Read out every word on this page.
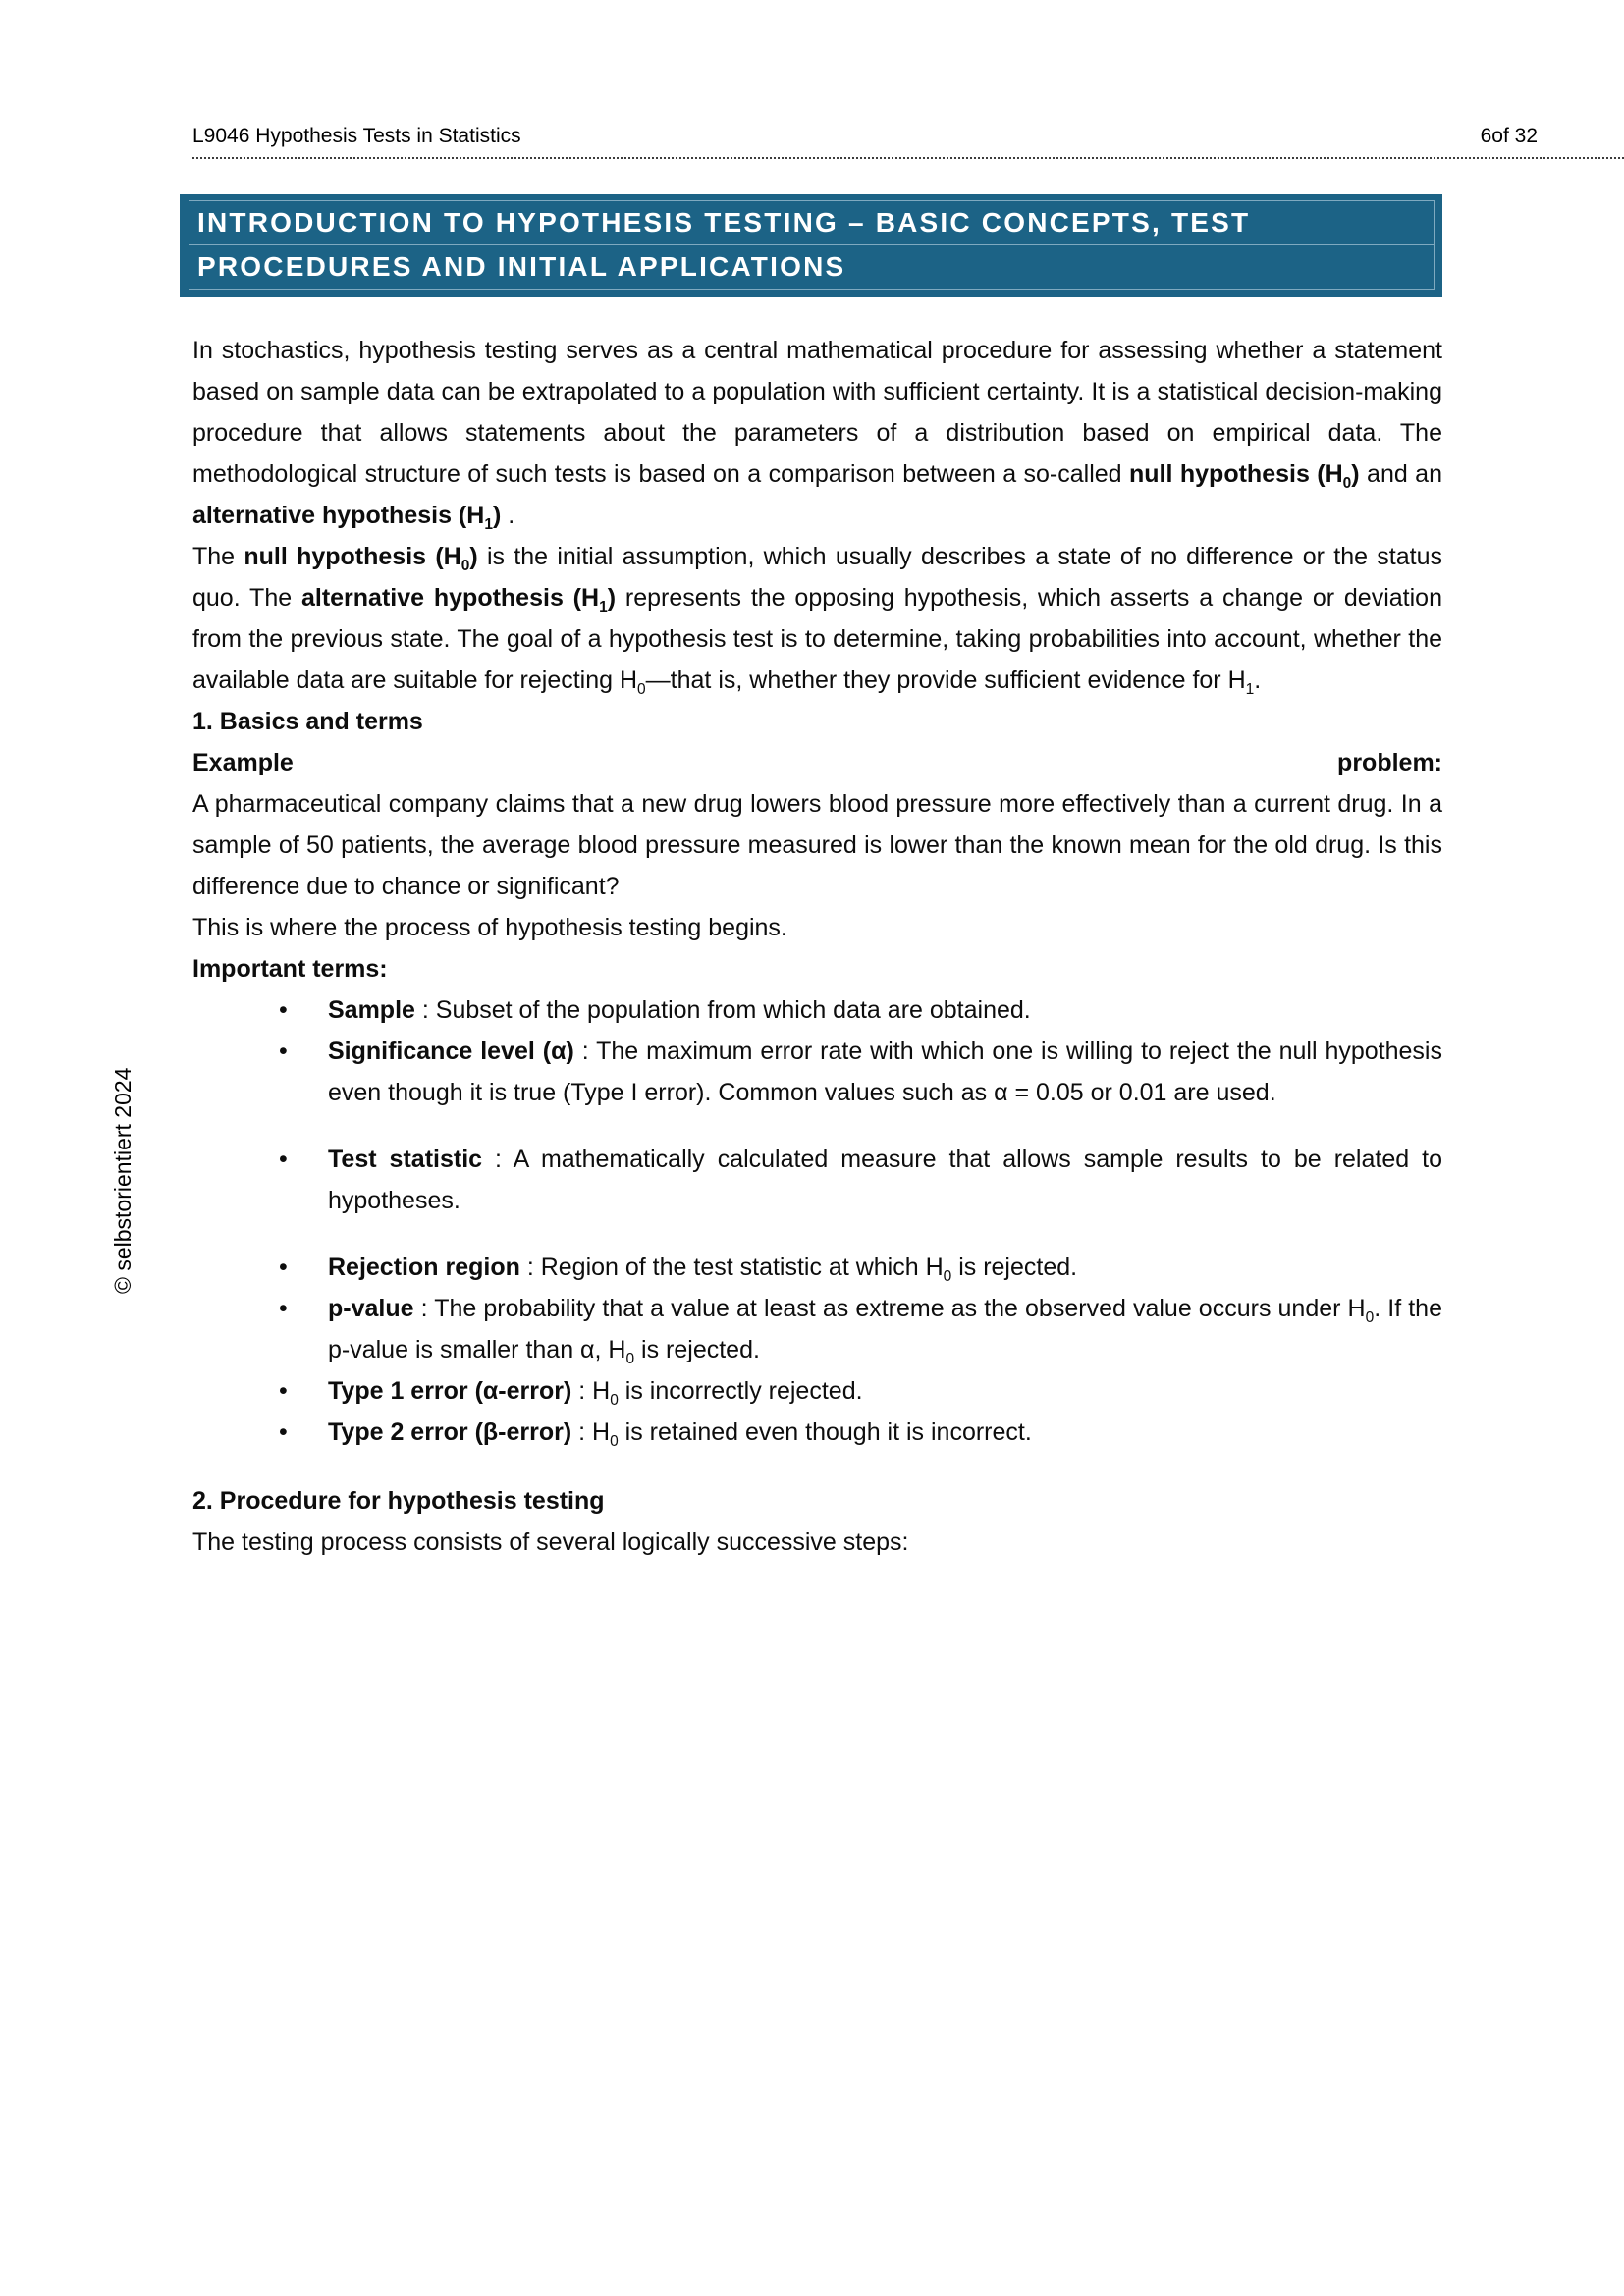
L9046 Hypothesis Tests in Statistics	6of 32
© selbstorientiert 2024
INTRODUCTION TO HYPOTHESIS TESTING – BASIC CONCEPTS, TEST
PROCEDURES AND INITIAL APPLICATIONS

In stochastics, hypothesis testing serves as a central mathematical procedure for assessing whether a statement based on sample data can be extrapolated to a population with sufficient certainty. It is a statistical decision-making procedure that allows statements about the parameters of a distribution based on empirical data. The methodological structure of such tests is based on a comparison between a so-called null hypothesis $(H_0)$ and an alternative hypothesis $(H_1)$ .

The null hypothesis $(H_0)$ is the initial assumption, which usually describes a state of no difference or the status quo. The alternative hypothesis $(H_1)$ represents the opposing hypothesis, which asserts a change or deviation from the previous state. The goal of a hypothesis test is to determine, taking probabilities into account, whether the available data are suitable for rejecting $H_0—that$ is, whether they provide sufficient evidence for $H_1$.

1. Basics and terms
Example	problem:

A pharmaceutical company claims that a new drug lowers blood pressure more effectively than a current drug. In a sample of 50 patients, the average blood pressure measured is lower than the known mean for the old drug. Is this difference due to chance or significant?

This is where the process of hypothesis testing begins.

Important terms:
• Sample : Subset of the population from which data are obtained.
• Significance level (α) : The maximum error rate with which one is willing to reject the null hypothesis even though it is true (Type I error). Common values such as α = 0.05 or 0.01 are used.
• Test statistic : A mathematically calculated measure that allows sample results to be related to hypotheses.
• Rejection region : Region of the test statistic at which $H_0$ is rejected.
• p-value : The probability that a value at least as extreme as the observed value occurs under $H_0$. If the p-value is smaller than α, $H_0$ is rejected.
• Type 1 error (α-error) : $H_0$ is incorrectly rejected.
• Type 2 error (β-error) : $H_0$ is retained even though it is incorrect.
2. Procedure for hypothesis testing

The testing process consists of several logically successive steps:
